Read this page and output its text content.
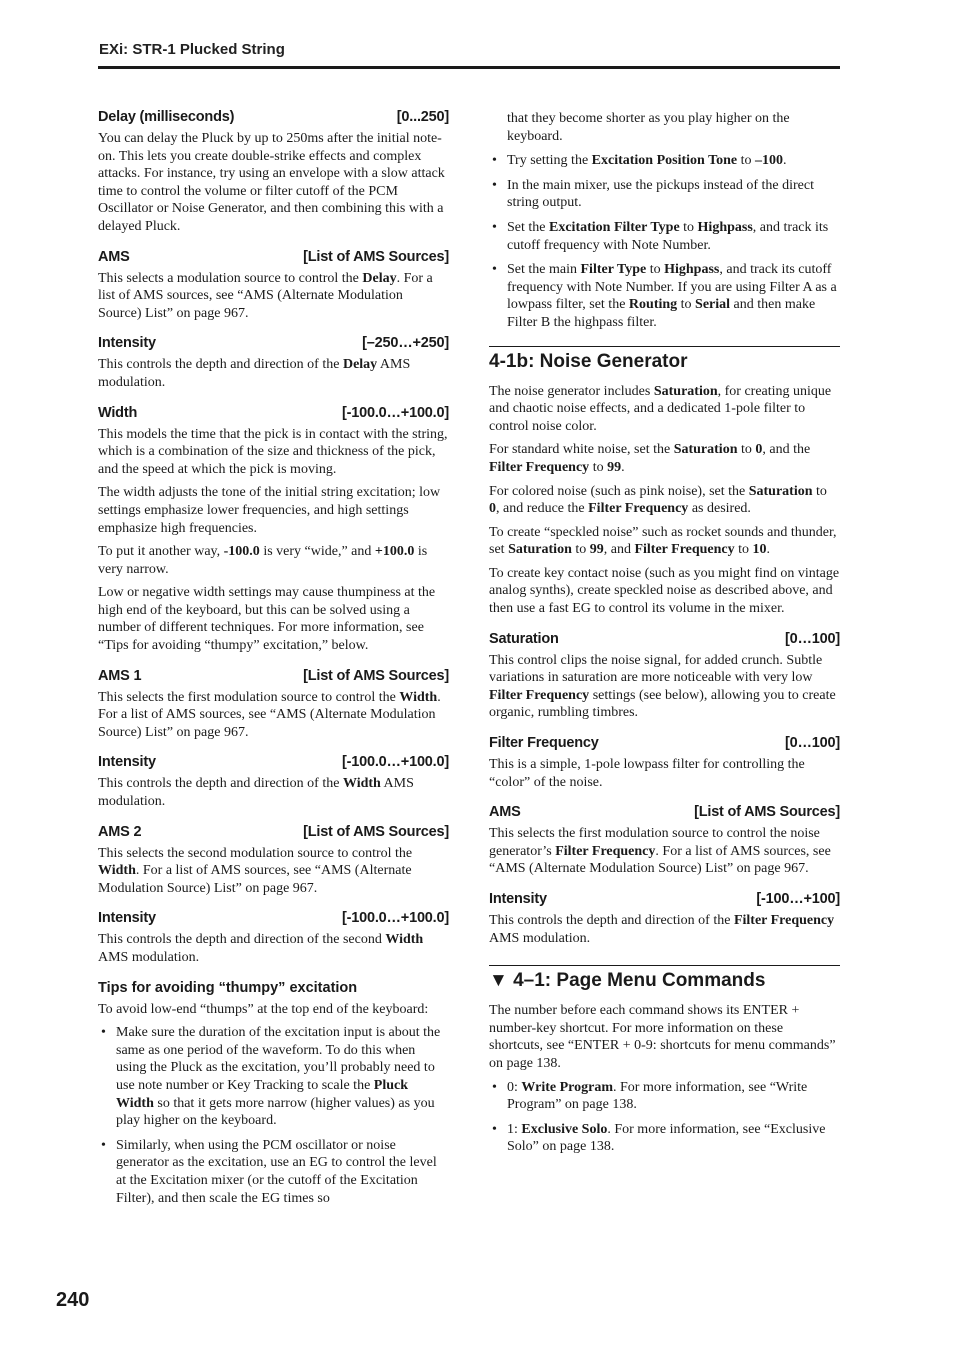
EXi: STR-1 Plucked String
Delay (milliseconds)	[0...250]

You can delay the Pluck by up to 250ms after the initial note-on. This lets you create double-strike effects and complex attacks. For instance, try using an envelope with a slow attack time to control the volume or filter cutoff of the PCM Oscillator or Noise Generator, and then combining this with a delayed Pluck.

AMS	[List of AMS Sources]

This selects a modulation source to control the Delay. For a list of AMS sources, see “AMS (Alternate Modulation Source) List” on page 967.

Intensity	[–250…+250]

This controls the depth and direction of the Delay AMS modulation.

Width	[-100.0…+100.0]

This models the time that the pick is in contact with the string, which is a combination of the size and thickness of the pick, and the speed at which the pick is moving.

The width adjusts the tone of the initial string excitation; low settings emphasize lower frequencies, and high settings emphasize high frequencies.

To put it another way, -100.0 is very “wide,” and +100.0 is very narrow.

Low or negative width settings may cause thumpiness at the high end of the keyboard, but this can be solved using a number of different techniques. For more information, see “Tips for avoiding “thumpy” excitation,” below.

AMS 1	[List of AMS Sources]

This selects the first modulation source to control the Width. For a list of AMS sources, see “AMS (Alternate Modulation Source) List” on page 967.

Intensity	[-100.0…+100.0]

This controls the depth and direction of the Width AMS modulation.

AMS 2	[List of AMS Sources]

This selects the second modulation source to control the Width. For a list of AMS sources, see “AMS (Alternate Modulation Source) List” on page 967.

Intensity	[-100.0…+100.0]

This controls the depth and direction of the second Width AMS modulation.

Tips for avoiding “thumpy” excitation

To avoid low-end “thumps” at the top end of the keyboard:

• Make sure the duration of the excitation input is about the same as one period of the waveform. To do this when using the Pluck as the excitation, you’ll probably need to use note number or Key Tracking to scale the Pluck Width so that it gets more narrow (higher values) as you play higher on the keyboard.
• Similarly, when using the PCM oscillator or noise generator as the excitation, use an EG to control the level at the Excitation mixer (or the cutoff of the Excitation Filter), and then scale the EG times so
that they become shorter as you play higher on the keyboard.
• Try setting the Excitation Position Tone to –100.
• In the main mixer, use the pickups instead of the direct string output.
• Set the Excitation Filter Type to Highpass, and track its cutoff frequency with Note Number.
• Set the main Filter Type to Highpass, and track its cutoff frequency with Note Number. If you are using Filter A as a lowpass filter, set the Routing to Serial and then make Filter B the highpass filter.
4-1b: Noise Generator

The noise generator includes Saturation, for creating unique and chaotic noise effects, and a dedicated 1-pole filter to control noise color.

For standard white noise, set the Saturation to 0, and the Filter Frequency to 99.

For colored noise (such as pink noise), set the Saturation to 0, and reduce the Filter Frequency as desired.

To create “speckled noise” such as rocket sounds and thunder, set Saturation to 99, and Filter Frequency to 10.

To create key contact noise (such as you might find on vintage analog synths), create speckled noise as described above, and then use a fast EG to control its volume in the mixer.

Saturation	[0…100]

This control clips the noise signal, for added crunch. Subtle variations in saturation are more noticeable with very low Filter Frequency settings (see below), allowing you to create organic, rumbling timbres.

Filter Frequency	[0…100]

This is a simple, 1-pole lowpass filter for controlling the “color” of the noise.

AMS	[List of AMS Sources]

This selects the first modulation source to control the noise generator’s Filter Frequency. For a list of AMS sources, see “AMS (Alternate Modulation Source) List” on page 967.

Intensity	[-100…+100]

This controls the depth and direction of the Filter Frequency AMS modulation.

▼ 4–1: Page Menu Commands

The number before each command shows its ENTER + number-key shortcut. For more information on these shortcuts, see “ENTER + 0-9: shortcuts for menu commands” on page 138.

• 0: Write Program. For more information, see “Write Program” on page 138.
• 1: Exclusive Solo. For more information, see “Exclusive Solo” on page 138.
240
